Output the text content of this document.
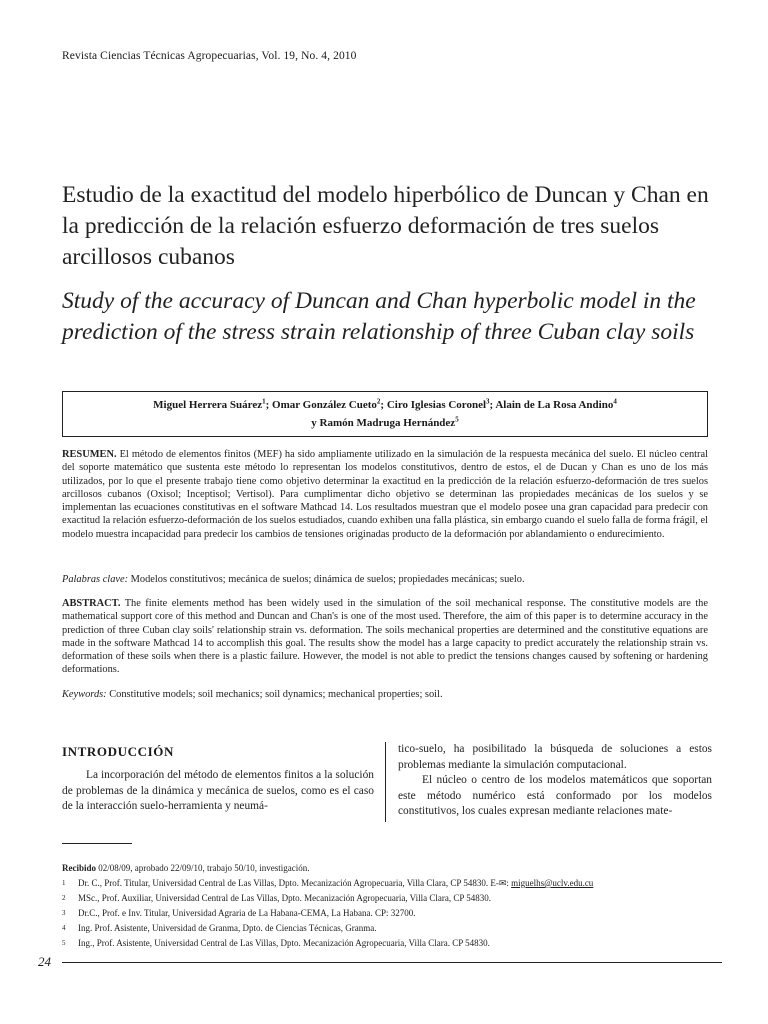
Revista Ciencias Técnicas Agropecuarias, Vol. 19, No. 4, 2010
Estudio de la exactitud del modelo hiperbólico de Duncan y Chan en la predicción de la relación esfuerzo deformación de tres suelos arcillosos cubanos
Study of the accuracy of Duncan and Chan hyperbolic model in the prediction of the stress strain relationship of three Cuban clay soils
Miguel Herrera Suárez$^1$; Omar González Cueto$^2$; Ciro Iglesias Coronel$^3$; Alain de La Rosa Andino$^4$
y Ramón Madruga Hernández$^5$
RESUMEN. El método de elementos finitos (MEF) ha sido ampliamente utilizado en la simulación de la respuesta mecánica del suelo. El núcleo central del soporte matemático que sustenta este método lo representan los modelos constitutivos, dentro de estos, el de Ducan y Chan es uno de los más utilizados, por lo que el presente trabajo tiene como objetivo determinar la exactitud en la predicción de la relación esfuerzo-deformación de tres suelos arcillosos cubanos (Oxisol; Inceptisol; Vertisol). Para cumplimentar dicho objetivo se determinan las propiedades mecánicas de los suelos y se implementan las ecuaciones constitutivas en el software Mathcad 14. Los resultados muestran que el modelo posee una gran capacidad para predecir con exactitud la relación esfuerzo-deformación de los suelos estudiados, cuando exhiben una falla plástica, sin embargo cuando el suelo falla de forma frágil, el modelo muestra incapacidad para predecir los cambios de tensiones originadas producto de la deformación por ablandamiento o endurecimiento.
Palabras clave: Modelos constitutivos; mecánica de suelos; dinámica de suelos; propiedades mecánicas; suelo.
ABSTRACT. The finite elements method has been widely used in the simulation of the soil mechanical response. The constitutive models are the mathematical support core of this method and Duncan and Chan's is one of the most used. Therefore, the aim of this paper is to determine accuracy in the prediction of three Cuban clay soils' relationship strain vs. deformation. The soils mechanical properties are determined and the constitutive equations are made in the software Mathcad 14 to accomplish this goal. The results show the model has a large capacity to predict accurately the relationship strain vs. deformation of these soils when there is a plastic failure. However, the model is not able to predict the tensions changes caused by softening or hardening deformations.
Keywords: Constitutive models; soil mechanics; soil dynamics; mechanical properties; soil.
INTRODUCCIÓN

La incorporación del método de elementos finitos a la solución de problemas de la dinámica y mecánica de suelos, como es el caso de la interacción suelo-herramienta y neumá-

tico-suelo, ha posibilitado la búsqueda de soluciones a estos problemas mediante la simulación computacional.

El núcleo o centro de los modelos matemáticos que soportan este método numérico está conformado por los modelos constitutivos, los cuales expresan mediante relaciones mate-

Recibido 02/08/09, aprobado 22/09/10, trabajo 50/10, investigación.
1 Dr. C., Prof. Titular, Universidad Central de Las Villas, Dpto. Mecanización Agropecuaria, Villa Clara, CP 54830. E-✉: miguelhs@uclv.edu.cu
2 MSc., Prof. Auxiliar, Universidad Central de Las Villas, Dpto. Mecanización Agropecuaria, Villa Clara, CP 54830.
3 Dr.C., Prof. e Inv. Titular, Universidad Agraria de La Habana-CEMA, La Habana. CP: 32700.
4 Ing. Prof. Asistente, Universidad de Granma, Dpto. de Ciencias Técnicas, Granma.
5 Ing., Prof. Asistente, Universidad Central de Las Villas, Dpto. Mecanización Agropecuaria, Villa Clara. CP 54830.
24
